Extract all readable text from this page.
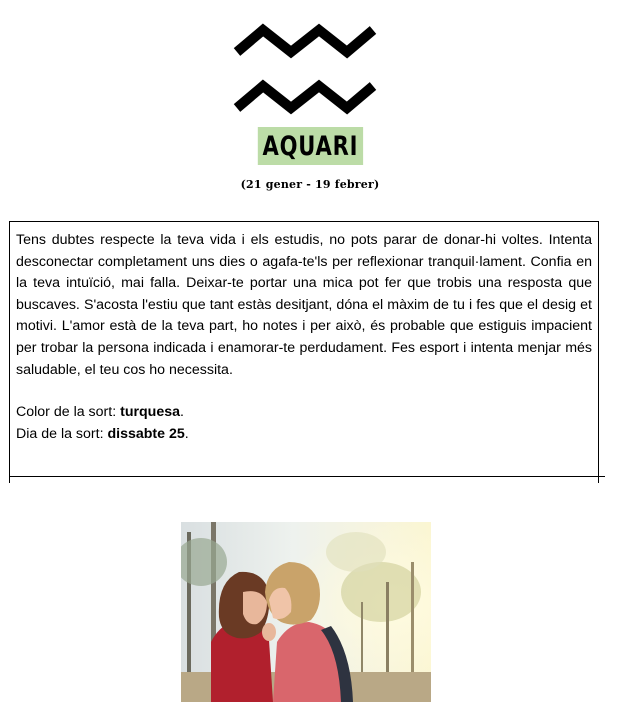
AQUARI
(21 gener - 19 febrer)

Tens dubtes respecte la teva vida i els estudis, no pots parar de donar-hi voltes. Intenta desconectar completament uns dies o agafa-te'ls per reflexionar tranquil·lament. Confia en la teva intuïció, mai falla. Deixar-te portar una mica pot fer que trobis una resposta que buscaves. S'acosta l'estiu que tant estàs desitjant, dóna el màxim de tu i fes que el desig et motivi. L'amor està de la teva part, ho notes i per això, és probable que estiguis impacient per trobar la persona indicada i enamorar-te perdudament. Fes esport i intenta menjar més saludable, el teu cos ho necessita.

Color de la sort: turquesa.

Dia de la sort: dissabte 25.
